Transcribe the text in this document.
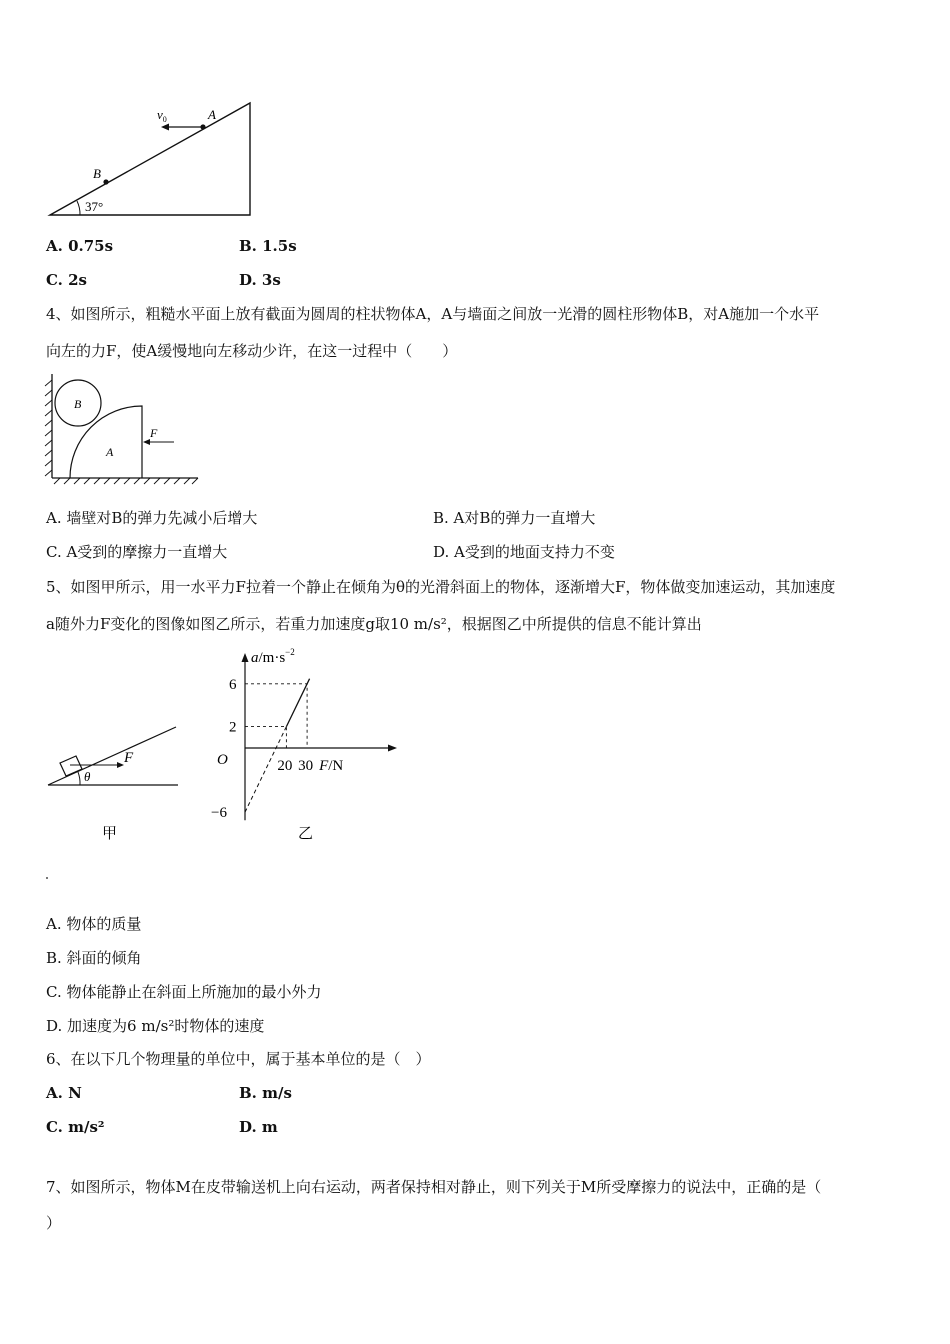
37°
A
B
$v_0$
A. 0.75s	B. 1.5s
C. 2s	D. 3s
4、如图所示，粗糙水平面上放有截面为圆周的柱状物体A，A与墙面之间放一光滑的圆柱形物体B，对A施加一个水平
向左的力F，使A缓慢地向左移动少许，在这一过程中（　　）
A
B
F
A. 墙壁对B的弹力先减小后增大	B. A对B的弹力一直增大
C. A受到的摩擦力一直增大	D. A受到的地面支持力不变
5、如图甲所示，用一水平力F拉着一个静止在倾角为θ的光滑斜面上的物体，逐渐增大F，物体做变加速运动，其加速度
a随外力F变化的图像如图乙所示，若重力加速度g取10 m/s²，根据图乙中所提供的信息不能计算出
F
θ
甲
6
2
−6
O	20 30
$a/m\cdot s^{-2}$
F/N
乙
A. 物体的质量
B. 斜面的倾角
C. 物体能静止在斜面上所施加的最小外力
D. 加速度为6 m/s²时物体的速度
6、在以下几个物理量的单位中，属于基本单位的是（　）
A. N	B. m/s
C. m/s²	D. m
7、如图所示，物体M在皮带输送机上向右运动，两者保持相对静止，则下列关于M所受摩擦力的说法中，正确的是（
）
